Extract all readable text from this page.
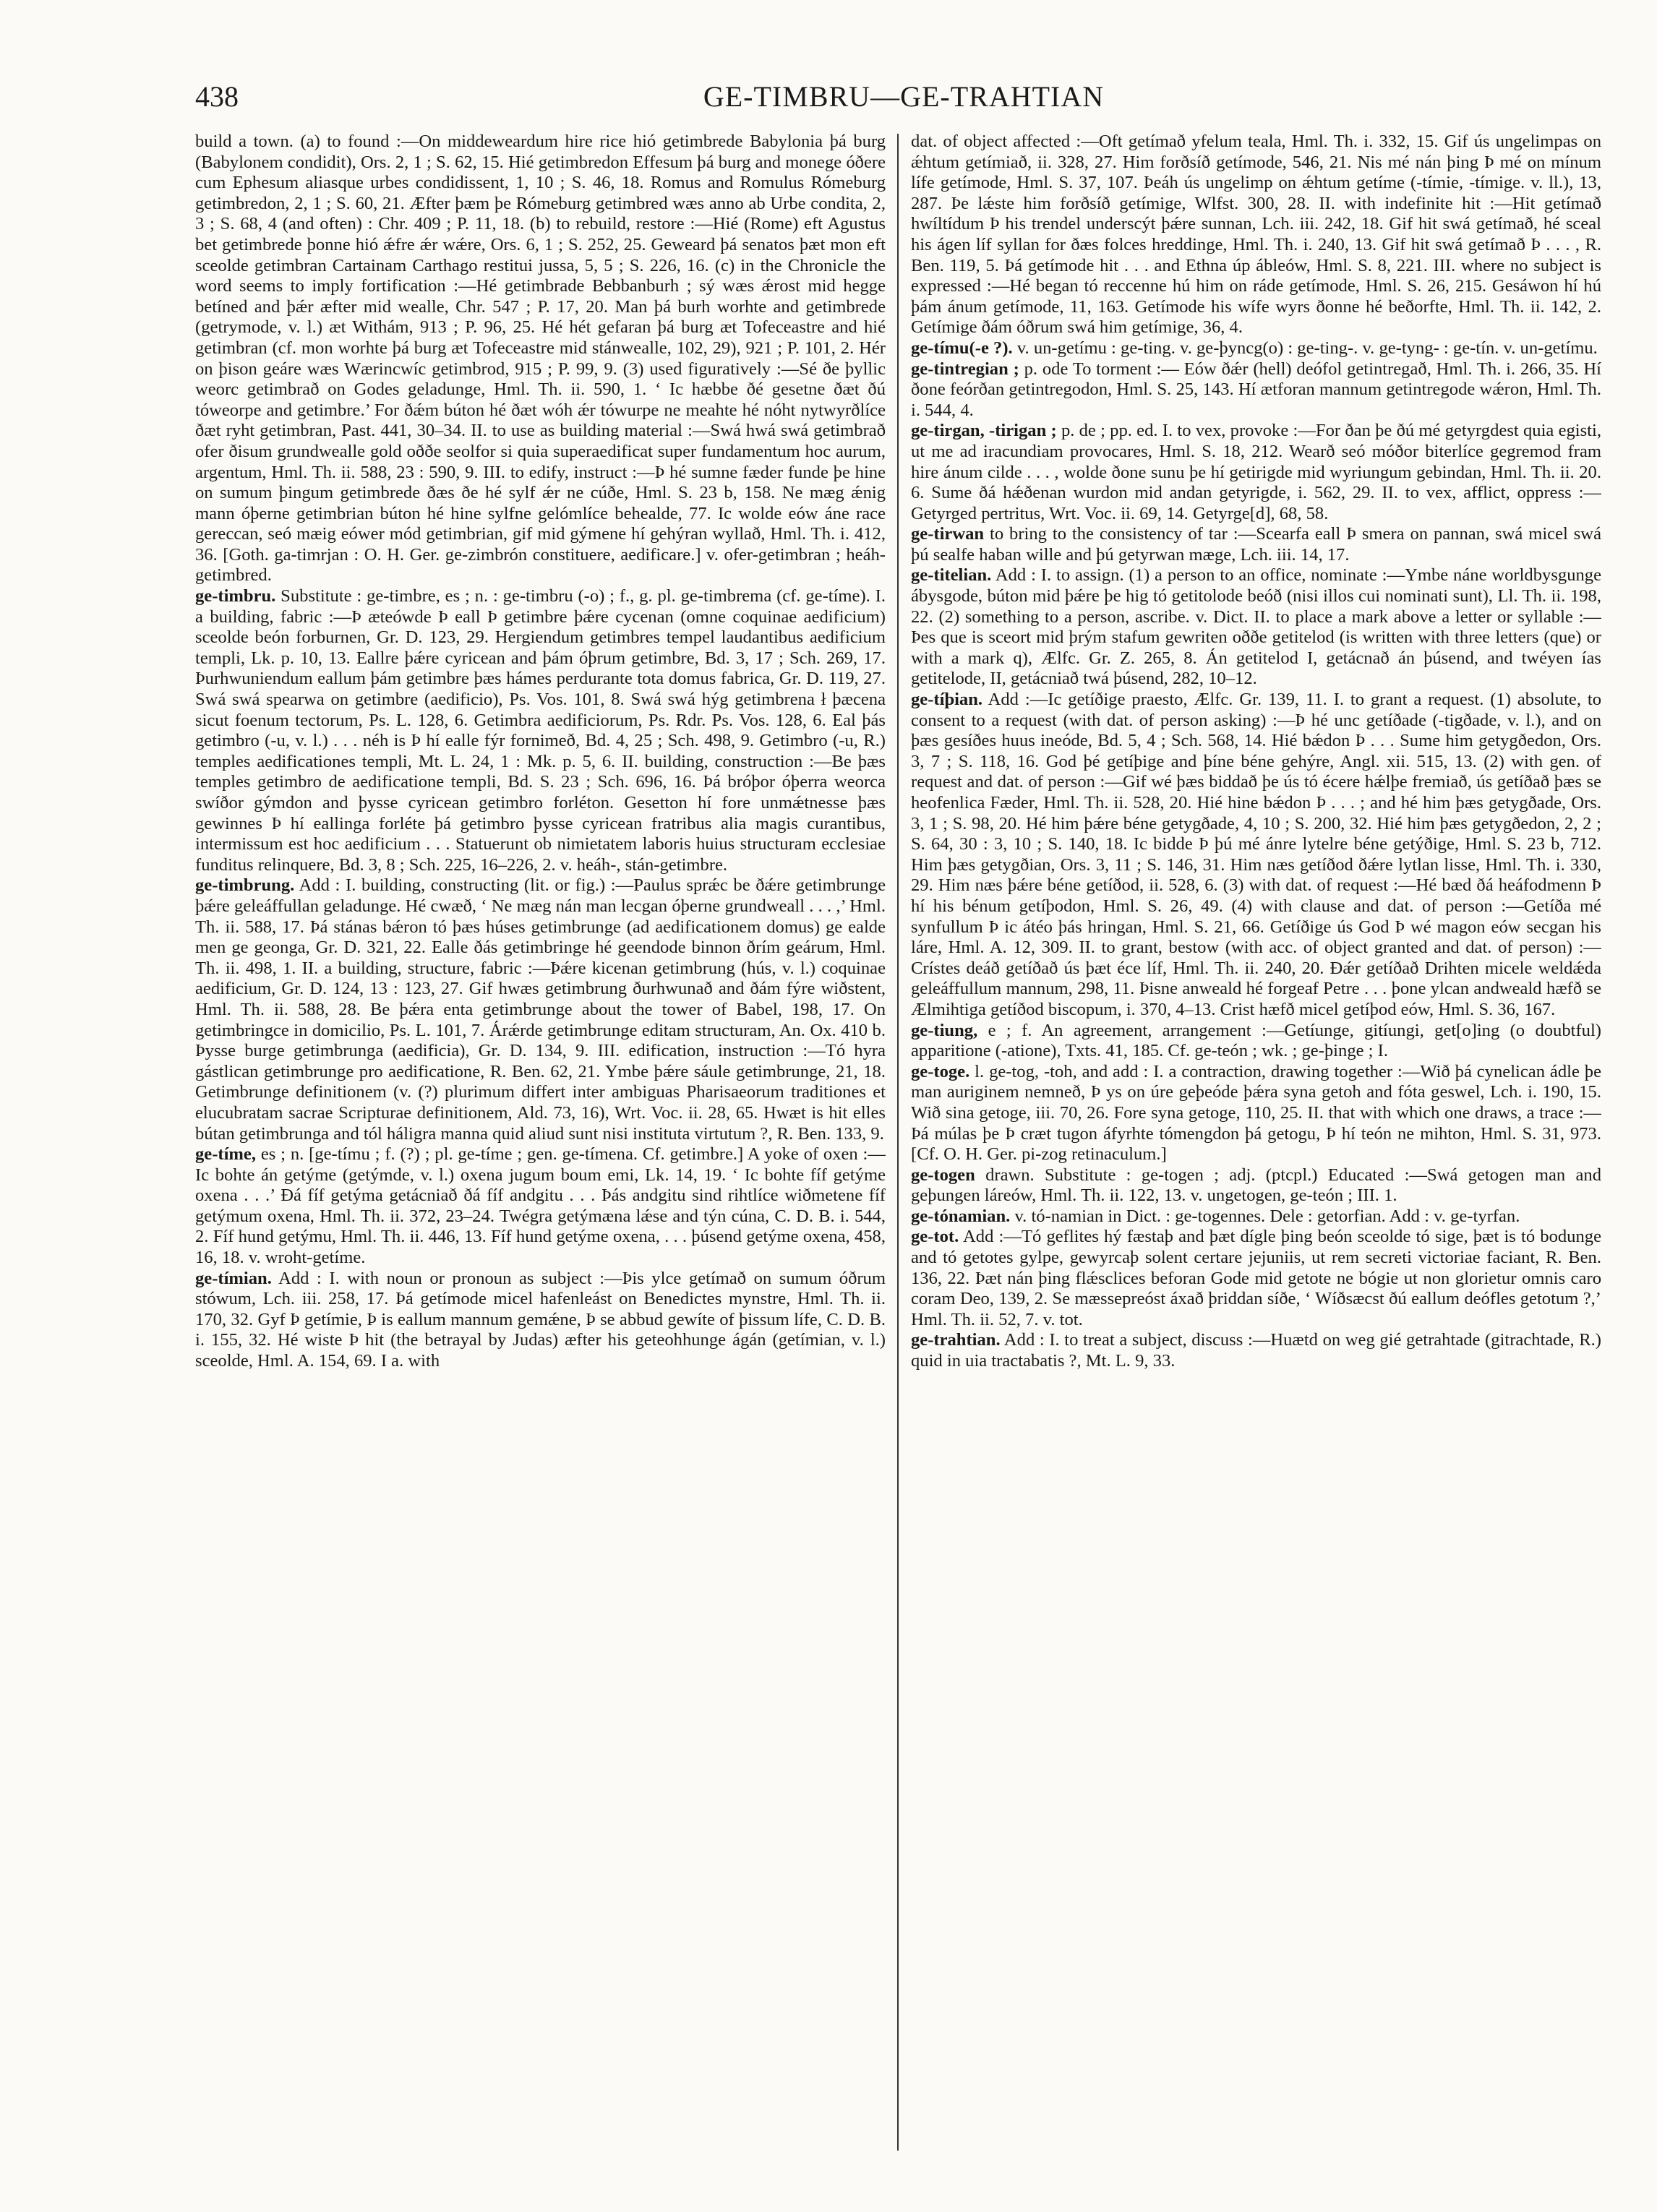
438	GE-TIMBRU—GE-TRAHTIAN

build a town. (a) to found :—On middeweardum hire rice hió getimbrede Babylonia þá burg (Babylonem condidit), Ors. 2, 1 ; S. 62, 15. Hié getimbredon Effesum þá burg and monege óðere cum Ephesum aliasque urbes condidissent, 1, 10 ; S. 46, 18. Romus and Romulus Rómeburg getimbredon, 2, 1 ; S. 60, 21. Æfter þæm þe Rómeburg getimbred wæs anno ab Urbe condita, 2, 3 ; S. 68, 4 (and often) : Chr. 409 ; P. 11, 18. (b) to rebuild, restore :—Hié (Rome) eft Agustus bet getimbrede þonne hió ǽfre ǽr wǽre, Ors. 6, 1 ; S. 252, 25. Geweard þá senatos þæt mon eft sceolde getimbran Cartainam Carthago restitui jussa, 5, 5 ; S. 226, 16. (c) in the Chronicle the word seems to imply fortification :—Hé getimbrade Bebbanburh ; sý wæs ǽrost mid hegge betíned and þǽr æfter mid wealle, Chr. 547 ; P. 17, 20. Man þá burh worhte and getimbrede (getrymode, v. l.) æt Withám, 913 ; P. 96, 25. Hé hét gefaran þá burg æt Tofeceastre and hié getimbran (cf. mon worhte þá burg æt Tofeceastre mid stánwealle, 102, 29), 921 ; P. 101, 2. Hér on þison geáre wæs Wærincwíc getimbrod, 915 ; P. 99, 9. (3) used figuratively :—Sé ðe þyllic weorc getimbrað on Godes geladunge, Hml. Th. ii. 590, 1. ‘ Ic hæbbe ðé gesetne ðæt ðú tóweorpe and getimbre.’ For ðǽm búton hé ðæt wóh ǽr tówurpe ne meahte hé nóht nytwyrðlíce ðæt ryht getimbran, Past. 441, 30–34. II. to use as building material :—Swá hwá swá getimbrað ofer ðisum grundwealle gold oððe seolfor si quia superaedificat super fundamentum hoc aurum, argentum, Hml. Th. ii. 588, 23 : 590, 9. III. to edify, instruct :—Þ hé sumne fæder funde þe hine on sumum þingum getimbrede ðæs ðe hé sylf ǽr ne cúðe, Hml. S. 23 b, 158. Ne mæg ǽnig mann óþerne getimbrian búton hé hine sylfne gelómlíce behealde, 77. Ic wolde eów áne race gereccan, seó mæig eówer mód getimbrian, gif mid gýmene hí gehýran wyllað, Hml. Th. i. 412, 36. [Goth. ga-timrjan : O. H. Ger. ge-zimbrón constituere, aedificare.] v. ofer-getimbran ; heáh-getimbred.

ge-timbru. Substitute : ge-timbre, es ; n. : ge-timbru (-o) ; f., g. pl. ge-timbrema (cf. ge-tíme). I. a building, fabric :—Þ æteówde Þ eall Þ getimbre þǽre cycenan (omne coquinae aedificium) sceolde beón forburnen, Gr. D. 123, 29. Hergiendum getimbres tempel laudantibus aedificium templi, Lk. p. 10, 13. Eallre þǽre cyricean and þám óþrum getimbre, Bd. 3, 17 ; Sch. 269, 17. Þurhwuniendum eallum þám getimbre þæs hámes perdurante tota domus fabrica, Gr. D. 119, 27. Swá swá spearwa on getimbre (aedificio), Ps. Vos. 101, 8. Swá swá hýg getimbrena ł þæcena sicut foenum tectorum, Ps. L. 128, 6. Getimbra aedificiorum, Ps. Rdr. Ps. Vos. 128, 6. Eal þás getimbro (-u, v. l.) . . . néh is Þ hí ealle fýr fornimeð, Bd. 4, 25 ; Sch. 498, 9. Getimbro (-u, R.) temples aedificationes templi, Mt. L. 24, 1 : Mk. p. 5, 6. II. building, construction :—Be þæs temples getimbro de aedificatione templi, Bd. S. 23 ; Sch. 696, 16. Þá bróþor óþerra weorca swíðor gýmdon and þysse cyricean getimbro forléton. Gesetton hí fore unmǽtnesse þæs gewinnes Þ hí eallinga forléte þá getimbro þysse cyricean fratribus alia magis curantibus, intermissum est hoc aedificium . . . Statuerunt ob nimietatem laboris huius structuram ecclesiae funditus relinquere, Bd. 3, 8 ; Sch. 225, 16–226, 2. v. heáh-, stán-getimbre.

ge-timbrung. Add : I. building, constructing (lit. or fig.) :—Paulus sprǽc be ðǽre getimbrunge þǽre geleáffullan geladunge. Hé cwæð, ‘ Ne mæg nán man lecgan óþerne grundweall . . . ,’ Hml. Th. ii. 588, 17. Þá stánas bǽron tó þæs húses getimbrunge (ad aedificationem domus) ge ealde men ge geonga, Gr. D. 321, 22. Ealle ðás getimbringe hé geendode binnon ðrím geárum, Hml. Th. ii. 498, 1. II. a building, structure, fabric :—Þǽre kicenan getimbrung (hús, v. l.) coquinae aedificium, Gr. D. 124, 13 : 123, 27. Gif hwæs getimbrung ðurhwunað and ðám fýre wiðstent, Hml. Th. ii. 588, 28. Be þǽra enta getimbrunge about the tower of Babel, 198, 17. On getimbringce in domicilio, Ps. L. 101, 7. Árǽrde getimbrunge editam structuram, An. Ox. 410 b. Þysse burge getimbrunga (aedificia), Gr. D. 134, 9. III. edification, instruction :—Tó hyra gástlican getimbrunge pro aedificatione, R. Ben. 62, 21. Ymbe þǽre sáule getimbrunge, 21, 18. Getimbrunge definitionem (v. (?) plurimum differt inter ambiguas Pharisaeorum traditiones et elucubratam sacrae Scripturae definitionem, Ald. 73, 16), Wrt. Voc. ii. 28, 65. Hwæt is hit elles bútan getimbrunga and tól háligra manna quid aliud sunt nisi instituta virtutum ?, R. Ben. 133, 9.

ge-tíme, es ; n. [ge-tímu ; f. (?) ; pl. ge-tíme ; gen. ge-tímena. Cf. getimbre.] A yoke of oxen :—Ic bohte án getýme (getýmde, v. l.) oxena jugum boum emi, Lk. 14, 19. ‘ Ic bohte fíf getýme oxena . . .’ Ðá fíf getýma getácniað ðá fíf andgitu . . . Þás andgitu sind rihtlíce wiðmetene fíf getýmum oxena, Hml. Th. ii. 372, 23–24. Twégra getýmæna lǽse and týn cúna, C. D. B. i. 544, 2. Fíf hund getýmu, Hml. Th. ii. 446, 13. Fíf hund getýme oxena, . . . þúsend getýme oxena, 458, 16, 18. v. wroht-getíme.

ge-tímian. Add : I. with noun or pronoun as subject :—Þis ylce getímað on sumum óðrum stówum, Lch. iii. 258, 17. Þá getímode micel hafenleást on Benedictes mynstre, Hml. Th. ii. 170, 32. Gyf Þ getímie, Þ is eallum mannum gemǽne, Þ se abbud gewíte of þissum lífe, C. D. B. i. 155, 32. Hé wiste Þ hit (the betrayal by Judas) æfter his geteohhunge ágán (getímian, v. l.) sceolde, Hml. A. 154, 69. I a. with

dat. of object affected :—Oft getímað yfelum teala, Hml. Th. i. 332, 15. Gif ús ungelimpas on ǽhtum getímiað, ii. 328, 27. Him forðsíð getímode, 546, 21. Nis mé nán þing Þ mé on mínum lífe getímode, Hml. S. 37, 107. Þeáh ús ungelimp on ǽhtum getíme (-tímie, -tímige. v. ll.), 13, 287. Þe lǽste him forðsíð getímige, Wlfst. 300, 28. II. with indefinite hit :—Hit getímað hwíltídum Þ his trendel underscýt þǽre sunnan, Lch. iii. 242, 18. Gif hit swá getímað, hé sceal his ágen líf syllan for ðæs folces hreddinge, Hml. Th. i. 240, 13. Gif hit swá getímað Þ . . . , R. Ben. 119, 5. Þá getímode hit . . . and Ethna úp ábleów, Hml. S. 8, 221. III. where no subject is expressed :—Hé began tó reccenne hú him on ráde getímode, Hml. S. 26, 215. Gesáwon hí hú þám ánum getímode, 11, 163. Getímode his wífe wyrs ðonne hé beðorfte, Hml. Th. ii. 142, 2. Getímige ðám óðrum swá him getímige, 36, 4.

ge-tímu(-e ?). v. un-getímu : ge-ting. v. ge-þyncg(o) : ge-ting-. v. ge-tyng- : ge-tín. v. un-getímu.

ge-tintregian ; p. ode To torment :— Eów ðǽr (hell) deófol getintregað, Hml. Th. i. 266, 35. Hí ðone feórðan getintregodon, Hml. S. 25, 143. Hí ætforan mannum getintregode wǽron, Hml. Th. i. 544, 4.

ge-tirgan, -tirigan ; p. de ; pp. ed. I. to vex, provoke :—For ðan þe ðú mé getyrgdest quia egisti, ut me ad iracundiam provocares, Hml. S. 18, 212. Wearð seó móðor biterlíce gegremod fram hire ánum cilde . . . , wolde ðone sunu þe hí getirigde mid wyriungum gebindan, Hml. Th. ii. 20. 6. Sume ðá hǽðenan wurdon mid andan getyrigde, i. 562, 29. II. to vex, afflict, oppress :—Getyrged pertritus, Wrt. Voc. ii. 69, 14. Getyrge[d], 68, 58.

ge-tirwan to bring to the consistency of tar :—Scearfa eall Þ smera on pannan, swá micel swá þú sealfe haban wille and þú getyrwan mæge, Lch. iii. 14, 17.

ge-titelian. Add : I. to assign. (1) a person to an office, nominate :—Ymbe náne worldbysgunge ábysgode, búton mid þǽre þe hig tó getitolode beóð (nisi illos cui nominati sunt), Ll. Th. ii. 198, 22. (2) something to a person, ascribe. v. Dict. II. to place a mark above a letter or syllable :—Þes que is sceort mid þrým stafum gewriten oððe getitelod (is written with three letters (que) or with a mark q), Ælfc. Gr. Z. 265, 8. Án getitelod I, getácnað án þúsend, and twéyen ías getitelode, II, getácniað twá þúsend, 282, 10–12.

ge-tíþian. Add :—Ic getíðige praesto, Ælfc. Gr. 139, 11. I. to grant a request. (1) absolute, to consent to a request (with dat. of person asking) :—Þ hé unc getíðade (-tigðade, v. l.), and on þæs gesíðes huus ineóde, Bd. 5, 4 ; Sch. 568, 14. Hié bǽdon Þ . . . Sume him getygðedon, Ors. 3, 7 ; S. 118, 16. God þé getíþige and þíne béne gehýre, Angl. xii. 515, 13. (2) with gen. of request and dat. of person :—Gif wé þæs biddað þe ús tó écere hǽlþe fremiað, ús getíðað þæs se heofenlica Fæder, Hml. Th. ii. 528, 20. Hié hine bǽdon Þ . . . ; and hé him þæs getygðade, Ors. 3, 1 ; S. 98, 20. Hé him þǽre béne getygðade, 4, 10 ; S. 200, 32. Hié him þæs getygðedon, 2, 2 ; S. 64, 30 : 3, 10 ; S. 140, 18. Ic bidde Þ þú mé ánre lytelre béne getýðige, Hml. S. 23 b, 712. Him þæs getygðian, Ors. 3, 11 ; S. 146, 31. Him næs getíðod ðǽre lytlan lisse, Hml. Th. i. 330, 29. Him næs þǽre béne getíðod, ii. 528, 6. (3) with dat. of request :—Hé bæd ðá heáfodmenn Þ hí his bénum getíþodon, Hml. S. 26, 49. (4) with clause and dat. of person :—Getíða mé synfullum Þ ic átéo þás hringan, Hml. S. 21, 66. Getíðige ús God Þ wé magon eów secgan his láre, Hml. A. 12, 309. II. to grant, bestow (with acc. of object granted and dat. of person) :—Crístes deáð getíðað ús þæt éce líf, Hml. Th. ii. 240, 20. Ðǽr getíðað Drihten micele weldǽda geleáffullum mannum, 298, 11. Þisne anweald hé forgeaf Petre . . . þone ylcan andweald hæfð se Ælmihtiga getíðod biscopum, i. 370, 4–13. Crist hæfð micel getíþod eów, Hml. S. 36, 167.

ge-tiung, e ; f. An agreement, arrangement :—Getíunge, gitíungi, get[o]ing (o doubtful) apparitione (-atione), Txts. 41, 185. Cf. ge-teón ; wk. ; ge-þinge ; I.

ge-toge. l. ge-tog, -toh, and add : I. a contraction, drawing together :—Wið þá cynelican ádle þe man auriginem nemneð, Þ ys on úre geþeóde þǽra syna getoh and fóta geswel, Lch. i. 190, 15. Wið sina getoge, iii. 70, 26. Fore syna getoge, 110, 25. II. that with which one draws, a trace :—Þá múlas þe Þ cræt tugon áfyrhte tómengdon þá getogu, Þ hí teón ne mihton, Hml. S. 31, 973. [Cf. O. H. Ger. pi-zog retinaculum.]

ge-togen drawn. Substitute : ge-togen ; adj. (ptcpl.) Educated :—Swá getogen man and geþungen láreów, Hml. Th. ii. 122, 13. v. ungetogen, ge-teón ; III. 1.

ge-tónamian. v. tó-namian in Dict. : ge-togennes. Dele : getorfian. Add : v. ge-tyrfan.

ge-tot. Add :—Tó geflites hý fæstaþ and þæt dígle þing beón sceolde tó sige, þæt is tó bodunge and tó getotes gylpe, gewyrcaþ solent certare jejuniis, ut rem secreti victoriae faciant, R. Ben. 136, 22. Þæt nán þing flǽsclices beforan Gode mid getote ne bógie ut non glorietur omnis caro coram Deo, 139, 2. Se mæssepreóst áxað þriddan síðe, ‘ Wíðsæcst ðú eallum deófles getotum ?,’ Hml. Th. ii. 52, 7. v. tot.

ge-trahtian. Add : I. to treat a subject, discuss :—Huætd on weg gié getrahtade (gitrachtade, R.) quid in uia tractabatis ?, Mt. L. 9, 33.
